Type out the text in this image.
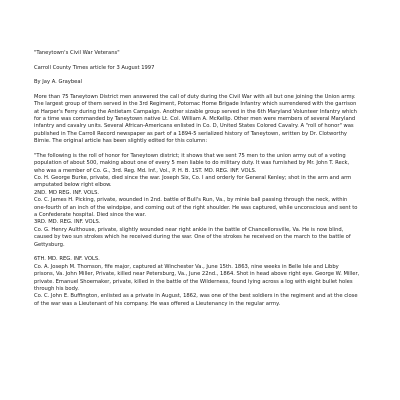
"Taneytown's Civil War Veterans"

Carroll County Times article for 3 August 1997

By Jay A. Graybeal

More than 75 Taneytown District men answered the call of duty during the Civil War with all but one joining the Union army. The largest group of them served in the 3rd Regiment, Potomac Home Brigade Infantry which surrendered with the garrison at Harper's Ferry during the Antietam Campaign. Another sizable group served in the 6th Maryland Volunteer Infantry which for a time was commanded by Taneytown native Lt. Col. William A. McKellip. Other men were members of several Maryland infantry and cavalry units. Several African-Americans enlisted in Co. D, United States Colored Cavalry. A "roll of honor" was published in The Carroll Record newspaper as part of a 1894-5 serialized history of Taneytown, written by Dr. Clotworthy Birnie. The original article has been slightly edited for this column:

"The following is the roll of honor for Taneytown district; it shows that we sent 75 men to the union army out of a voting population of about 500, making about one of every 5 men liable to do military duty. It was furnished by Mr. John T. Reck, who was a member of Co. G., 3rd. Reg. Md. Inf., Vol., P. H. B. 1ST. MD. REG. INF. VOLS.

Co. H. George Burke, private, died since the war. Joseph Six, Co. I and orderly for General Kenley; shot in the arm and arm amputated below right elbow.

2ND. MD REG. INF. VOLS.

Co. C. James H. Picking, private, wounded in 2nd. battle of Bull's Run, Va., by minie ball passing through the neck, within one-fourth of an inch of the windpipe, and coming out of the right shoulder. He was captured, while unconscious and sent to a Confederate hospital. Died since the war.

3RD. MD. REG. INF. VOLS.

Co. G. Henry Aulthouse, private, slightly wounded near right ankle in the battle of Chancellorsville, Va. He is now blind, caused by two sun strokes which he received during the war. One of the strokes he received on the march to the battle of Gettysburg.

6TH. MD. REG. INF. VOLS.

Co. A. Joseph M. Thomson, fife major, captured at Winchester Va., June 15th. 1863, nine weeks in Belle Isle and Libby prisons, Va. John Miller, Private, killed near Petersburg, Va., June 22nd., 1864. Shot in head above right eye. George W. Miller, private. Emanuel Shoemaker, private, killed in the battle of the Wilderness, found lying across a log with eight bullet holes through his body.

Co. C. John E. Buffington, enlisted as a private in August, 1862, was one of the best soldiers in the regiment and at the close of the war was a Lieutenant of his company. He was offered a Lieutenancy in the regular army.
